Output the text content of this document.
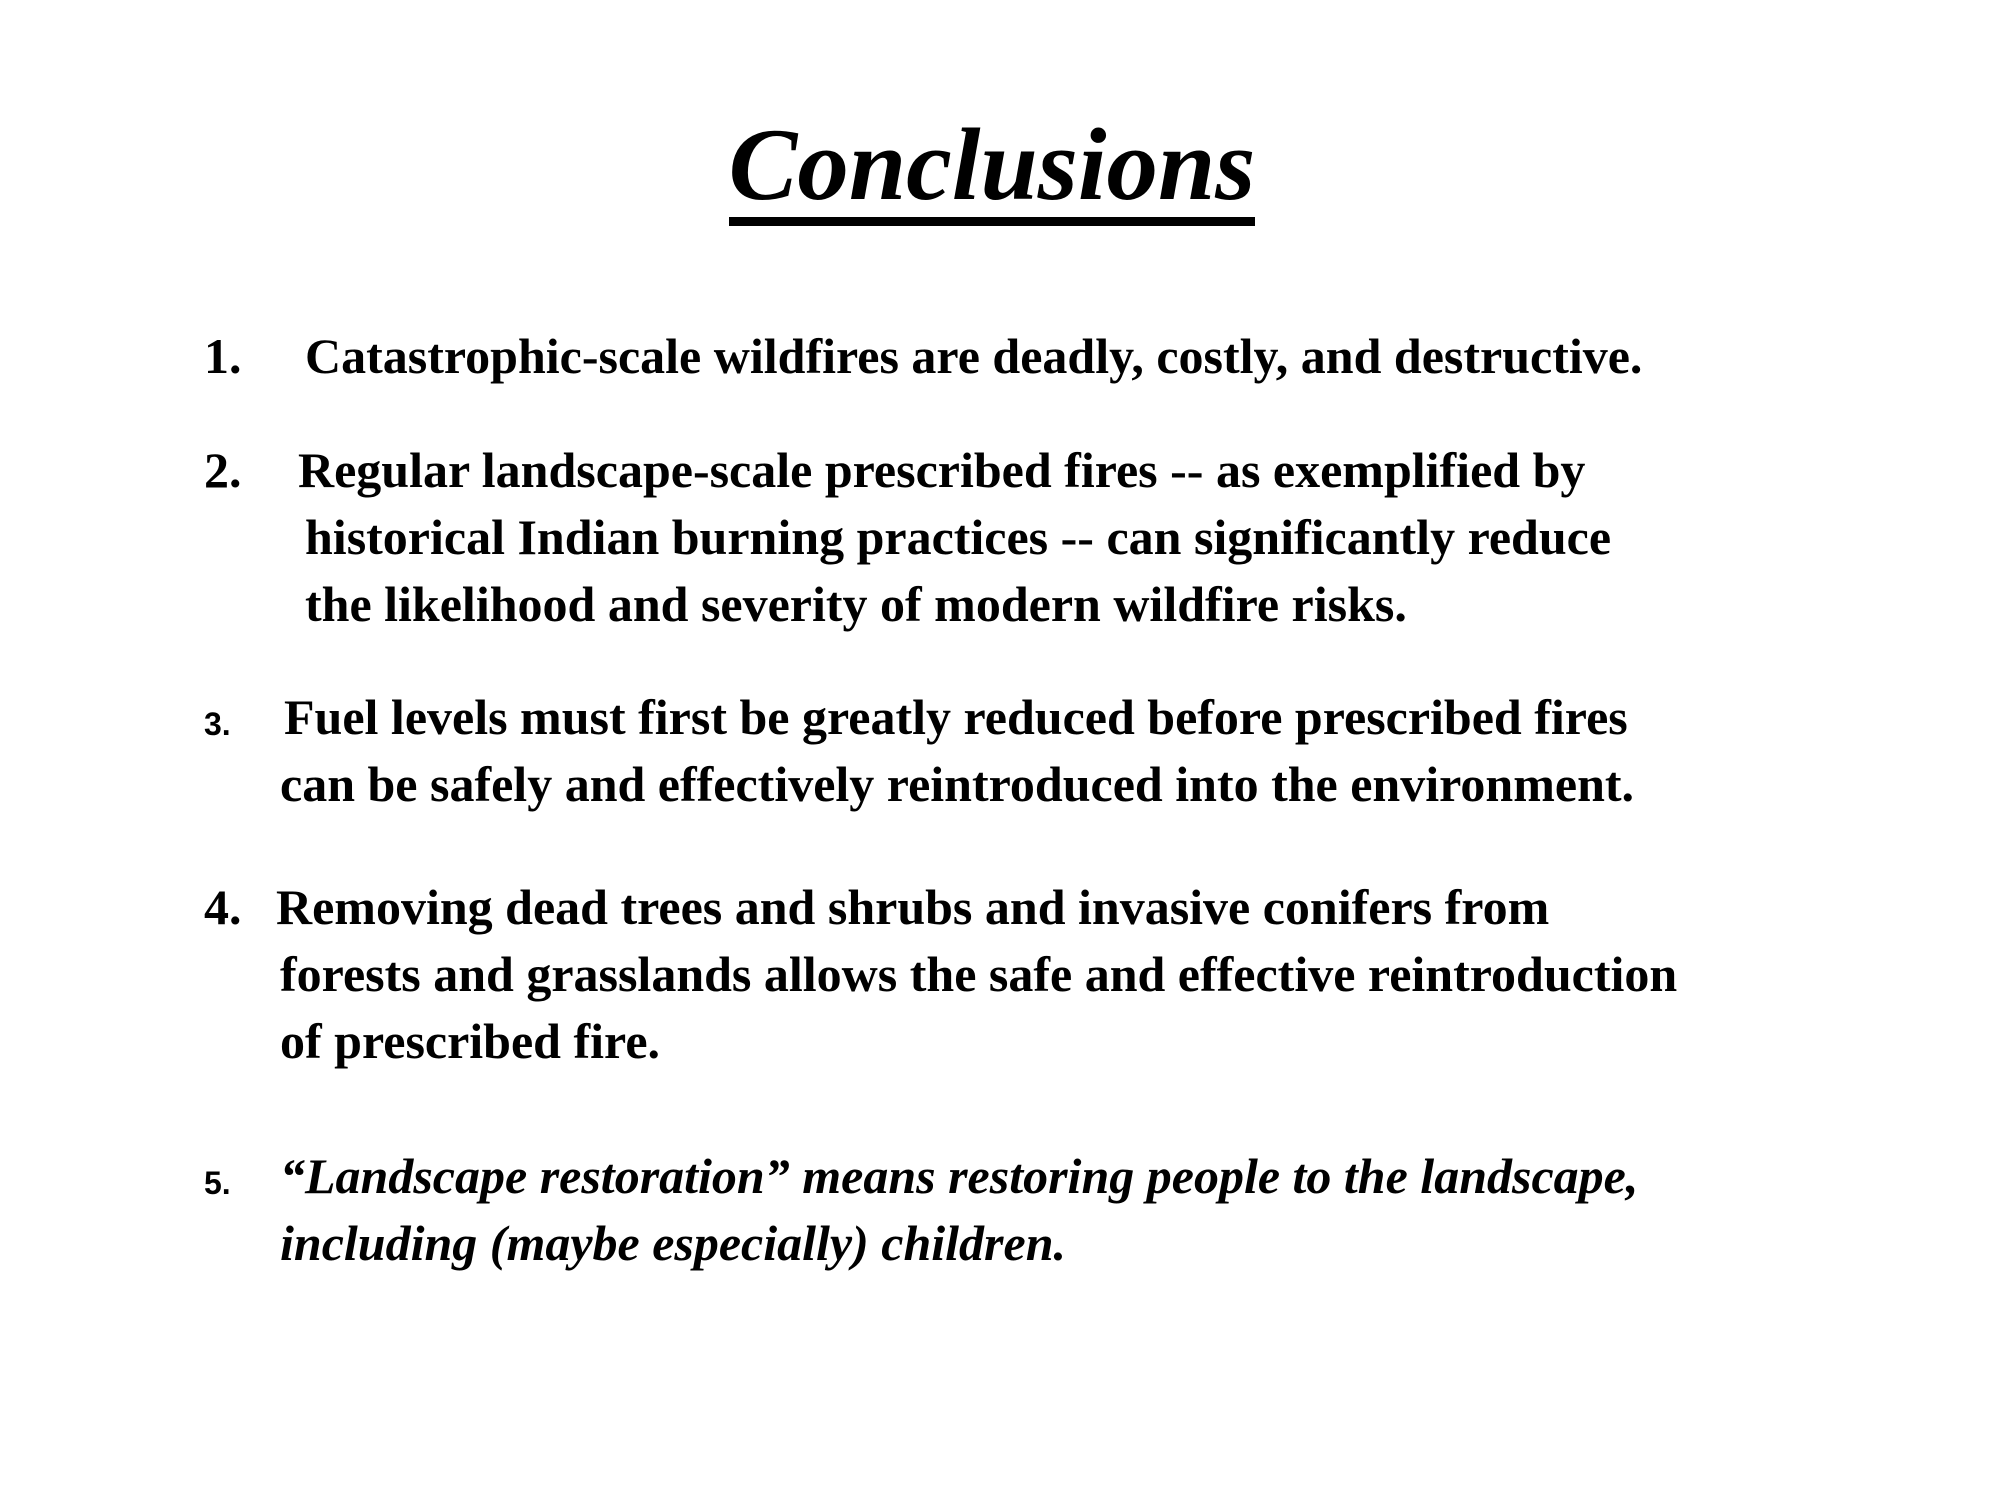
Conclusions
1. Catastrophic-scale wildfires are deadly, costly, and destructive.
2. Regular landscape-scale prescribed fires -- as exemplified by
historical Indian burning practices -- can significantly reduce
the likelihood and severity of modern wildfire risks.
3. Fuel levels must first be greatly reduced before prescribed fires
can be safely and effectively reintroduced into the environment.
4. Removing dead trees and shrubs and invasive conifers from
forests and grasslands allows the safe and effective reintroduction
of prescribed fire.
5. “Landscape restoration” means restoring people to the landscape,
including (maybe especially) children.
